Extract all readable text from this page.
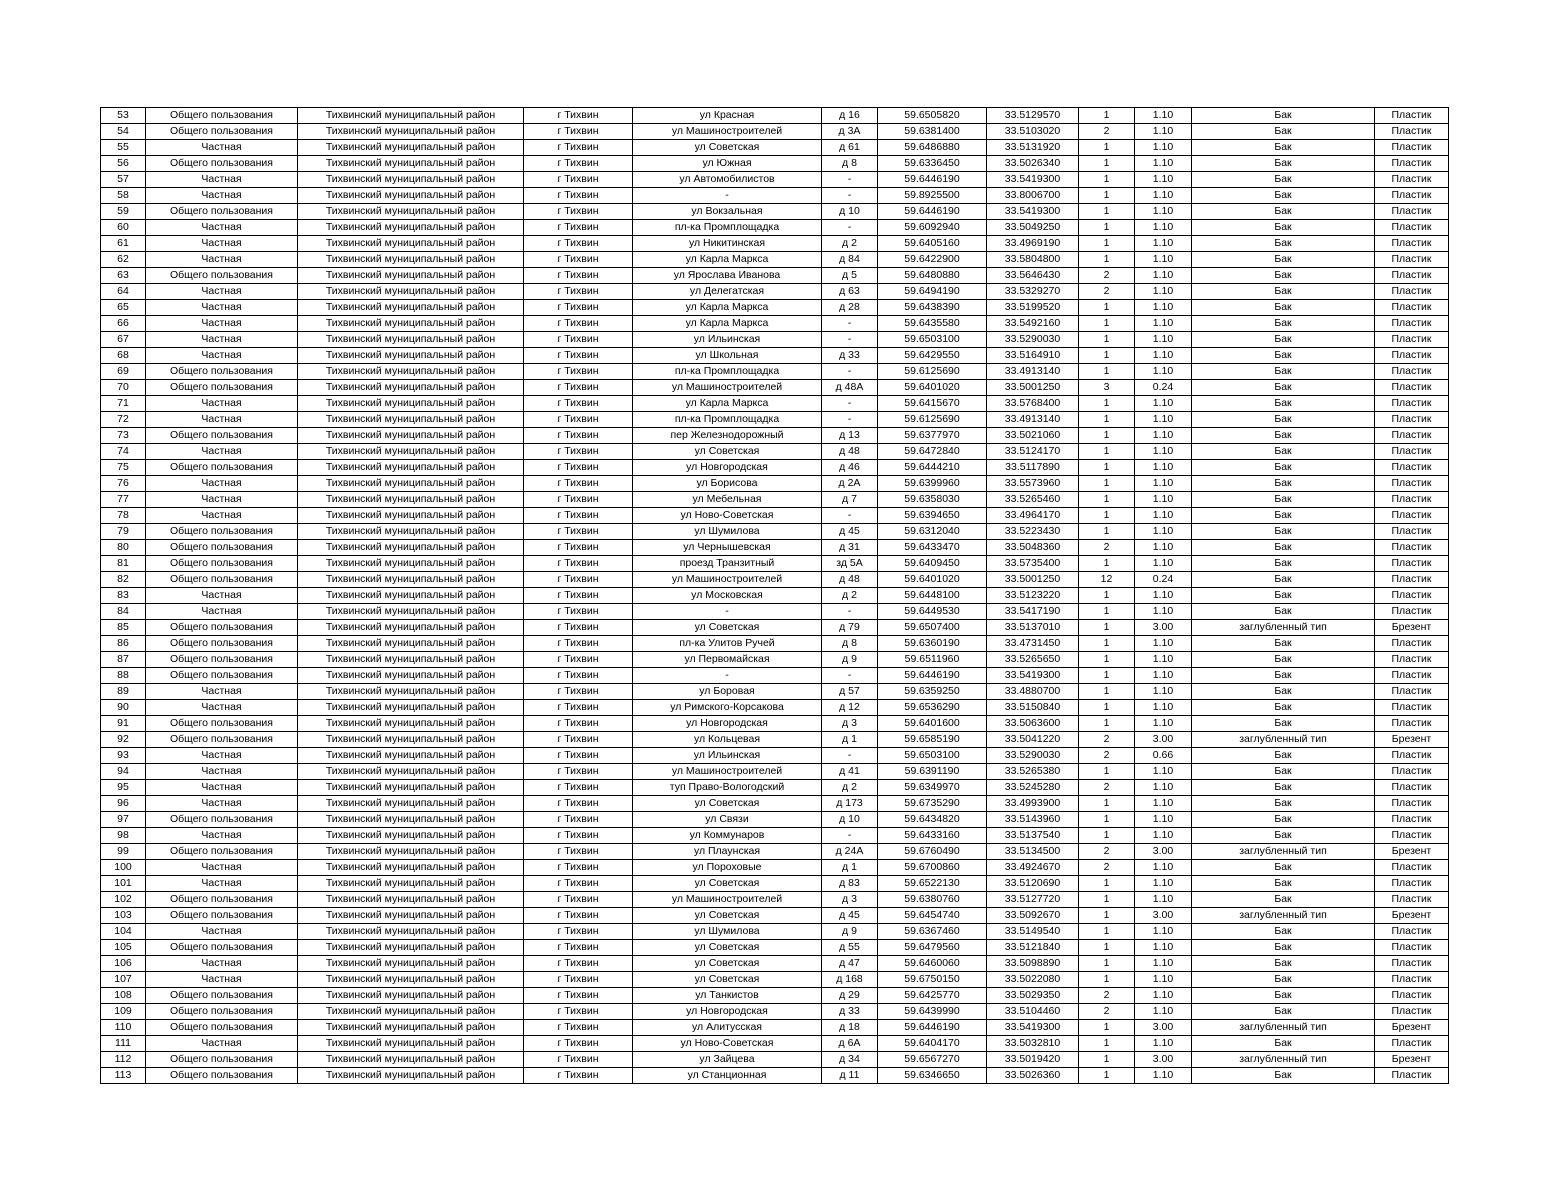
53	Общего пользования	Тихвинский муниципальный район	г Тихвин	ул Красная	д 16	59.6505820	33.5129570	1	1.10	Бак	Пластик
54	Общего пользования	Тихвинский муниципальный район	г Тихвин	ул Машиностроителей	д 3А	59.6381400	33.5103020	2	1.10	Бак	Пластик
55	Частная	Тихвинский муниципальный район	г Тихвин	ул Советская	д 61	59.6486880	33.5131920	1	1.10	Бак	Пластик
56	Общего пользования	Тихвинский муниципальный район	г Тихвин	ул Южная	д 8	59.6336450	33.5026340	1	1.10	Бак	Пластик
57	Частная	Тихвинский муниципальный район	г Тихвин	ул Автомобилистов	-	59.6446190	33.5419300	1	1.10	Бак	Пластик
58	Частная	Тихвинский муниципальный район	г Тихвин	-	-	59.8925500	33.8006700	1	1.10	Бак	Пластик
59	Общего пользования	Тихвинский муниципальный район	г Тихвин	ул Вокзальная	д 10	59.6446190	33.5419300	1	1.10	Бак	Пластик
60	Частная	Тихвинский муниципальный район	г Тихвин	пл-ка Промплощадка	-	59.6092940	33.5049250	1	1.10	Бак	Пластик
61	Частная	Тихвинский муниципальный район	г Тихвин	ул Никитинская	д 2	59.6405160	33.4969190	1	1.10	Бак	Пластик
62	Частная	Тихвинский муниципальный район	г Тихвин	ул Карла Маркса	д 84	59.6422900	33.5804800	1	1.10	Бак	Пластик
63	Общего пользования	Тихвинский муниципальный район	г Тихвин	ул Ярослава Иванова	д 5	59.6480880	33.5646430	2	1.10	Бак	Пластик
64	Частная	Тихвинский муниципальный район	г Тихвин	ул Делегатская	д 63	59.6494190	33.5329270	2	1.10	Бак	Пластик
65	Частная	Тихвинский муниципальный район	г Тихвин	ул Карла Маркса	д 28	59.6438390	33.5199520	1	1.10	Бак	Пластик
66	Частная	Тихвинский муниципальный район	г Тихвин	ул Карла Маркса	-	59.6435580	33.5492160	1	1.10	Бак	Пластик
67	Частная	Тихвинский муниципальный район	г Тихвин	ул Ильинская	-	59.6503100	33.5290030	1	1.10	Бак	Пластик
68	Частная	Тихвинский муниципальный район	г Тихвин	ул Школьная	д 33	59.6429550	33.5164910	1	1.10	Бак	Пластик
69	Общего пользования	Тихвинский муниципальный район	г Тихвин	пл-ка Промплощадка	-	59.6125690	33.4913140	1	1.10	Бак	Пластик
70	Общего пользования	Тихвинский муниципальный район	г Тихвин	ул Машиностроителей	д 48А	59.6401020	33.5001250	3	0.24	Бак	Пластик
71	Частная	Тихвинский муниципальный район	г Тихвин	ул Карла Маркса	-	59.6415670	33.5768400	1	1.10	Бак	Пластик
72	Частная	Тихвинский муниципальный район	г Тихвин	пл-ка Промплощадка	-	59.6125690	33.4913140	1	1.10	Бак	Пластик
73	Общего пользования	Тихвинский муниципальный район	г Тихвин	пер Железнодорожный	д 13	59.6377970	33.5021060	1	1.10	Бак	Пластик
74	Частная	Тихвинский муниципальный район	г Тихвин	ул Советская	д 48	59.6472840	33.5124170	1	1.10	Бак	Пластик
75	Общего пользования	Тихвинский муниципальный район	г Тихвин	ул Новгородская	д 46	59.6444210	33.5117890	1	1.10	Бак	Пластик
76	Частная	Тихвинский муниципальный район	г Тихвин	ул Борисова	д 2А	59.6399960	33.5573960	1	1.10	Бак	Пластик
77	Частная	Тихвинский муниципальный район	г Тихвин	ул Мебельная	д 7	59.6358030	33.5265460	1	1.10	Бак	Пластик
78	Частная	Тихвинский муниципальный район	г Тихвин	ул Ново-Советская	-	59.6394650	33.4964170	1	1.10	Бак	Пластик
79	Общего пользования	Тихвинский муниципальный район	г Тихвин	ул Шумилова	д 45	59.6312040	33.5223430	1	1.10	Бак	Пластик
80	Общего пользования	Тихвинский муниципальный район	г Тихвин	ул Чернышевская	д 31	59.6433470	33.5048360	2	1.10	Бак	Пластик
81	Общего пользования	Тихвинский муниципальный район	г Тихвин	проезд Транзитный	зд 5А	59.6409450	33.5735400	1	1.10	Бак	Пластик
82	Общего пользования	Тихвинский муниципальный район	г Тихвин	ул Машиностроителей	д 48	59.6401020	33.5001250	12	0.24	Бак	Пластик
83	Частная	Тихвинский муниципальный район	г Тихвин	ул Московская	д 2	59.6448100	33.5123220	1	1.10	Бак	Пластик
84	Частная	Тихвинский муниципальный район	г Тихвин	-	-	59.6449530	33.5417190	1	1.10	Бак	Пластик
85	Общего пользования	Тихвинский муниципальный район	г Тихвин	ул Советская	д 79	59.6507400	33.5137010	1	3.00	заглубленный тип	Брезент
86	Общего пользования	Тихвинский муниципальный район	г Тихвин	пл-ка Улитов Ручей	д 8	59.6360190	33.4731450	1	1.10	Бак	Пластик
87	Общего пользования	Тихвинский муниципальный район	г Тихвин	ул Первомайская	д 9	59.6511960	33.5265650	1	1.10	Бак	Пластик
88	Общего пользования	Тихвинский муниципальный район	г Тихвин	-	-	59.6446190	33.5419300	1	1.10	Бак	Пластик
89	Частная	Тихвинский муниципальный район	г Тихвин	ул Боровая	д 57	59.6359250	33.4880700	1	1.10	Бак	Пластик
90	Частная	Тихвинский муниципальный район	г Тихвин	ул Римского-Корсакова	д 12	59.6536290	33.5150840	1	1.10	Бак	Пластик
91	Общего пользования	Тихвинский муниципальный район	г Тихвин	ул Новгородская	д 3	59.6401600	33.5063600	1	1.10	Бак	Пластик
92	Общего пользования	Тихвинский муниципальный район	г Тихвин	ул Кольцевая	д 1	59.6585190	33.5041220	2	3.00	заглубленный тип	Брезент
93	Частная	Тихвинский муниципальный район	г Тихвин	ул Ильинская	-	59.6503100	33.5290030	2	0.66	Бак	Пластик
94	Частная	Тихвинский муниципальный район	г Тихвин	ул Машиностроителей	д 41	59.6391190	33.5265380	1	1.10	Бак	Пластик
95	Частная	Тихвинский муниципальный район	г Тихвин	туп Право-Вологодский	д 2	59.6349970	33.5245280	2	1.10	Бак	Пластик
96	Частная	Тихвинский муниципальный район	г Тихвин	ул Советская	д 173	59.6735290	33.4993900	1	1.10	Бак	Пластик
97	Общего пользования	Тихвинский муниципальный район	г Тихвин	ул Связи	д 10	59.6434820	33.5143960	1	1.10	Бак	Пластик
98	Частная	Тихвинский муниципальный район	г Тихвин	ул Коммунаров	-	59.6433160	33.5137540	1	1.10	Бак	Пластик
99	Общего пользования	Тихвинский муниципальный район	г Тихвин	ул Плаунская	д 24А	59.6760490	33.5134500	2	3.00	заглубленный тип	Брезент
100	Частная	Тихвинский муниципальный район	г Тихвин	ул Пороховые	д 1	59.6700860	33.4924670	2	1.10	Бак	Пластик
101	Частная	Тихвинский муниципальный район	г Тихвин	ул Советская	д 83	59.6522130	33.5120690	1	1.10	Бак	Пластик
102	Общего пользования	Тихвинский муниципальный район	г Тихвин	ул Машиностроителей	д 3	59.6380760	33.5127720	1	1.10	Бак	Пластик
103	Общего пользования	Тихвинский муниципальный район	г Тихвин	ул Советская	д 45	59.6454740	33.5092670	1	3.00	заглубленный тип	Брезент
104	Частная	Тихвинский муниципальный район	г Тихвин	ул Шумилова	д 9	59.6367460	33.5149540	1	1.10	Бак	Пластик
105	Общего пользования	Тихвинский муниципальный район	г Тихвин	ул Советская	д 55	59.6479560	33.5121840	1	1.10	Бак	Пластик
106	Частная	Тихвинский муниципальный район	г Тихвин	ул Советская	д 47	59.6460060	33.5098890	1	1.10	Бак	Пластик
107	Частная	Тихвинский муниципальный район	г Тихвин	ул Советская	д 168	59.6750150	33.5022080	1	1.10	Бак	Пластик
108	Общего пользования	Тихвинский муниципальный район	г Тихвин	ул Танкистов	д 29	59.6425770	33.5029350	2	1.10	Бак	Пластик
109	Общего пользования	Тихвинский муниципальный район	г Тихвин	ул Новгородская	д 33	59.6439990	33.5104460	2	1.10	Бак	Пластик
110	Общего пользования	Тихвинский муниципальный район	г Тихвин	ул Алитусская	д 18	59.6446190	33.5419300	1	3.00	заглубленный тип	Брезент
111	Частная	Тихвинский муниципальный район	г Тихвин	ул Ново-Советская	д 6А	59.6404170	33.5032810	1	1.10	Бак	Пластик
112	Общего пользования	Тихвинский муниципальный район	г Тихвин	ул Зайцева	д 34	59.6567270	33.5019420	1	3.00	заглубленный тип	Брезент
113	Общего пользования	Тихвинский муниципальный район	г Тихвин	ул Станционная	д 11	59.6346650	33.5026360	1	1.10	Бак	Пластик
